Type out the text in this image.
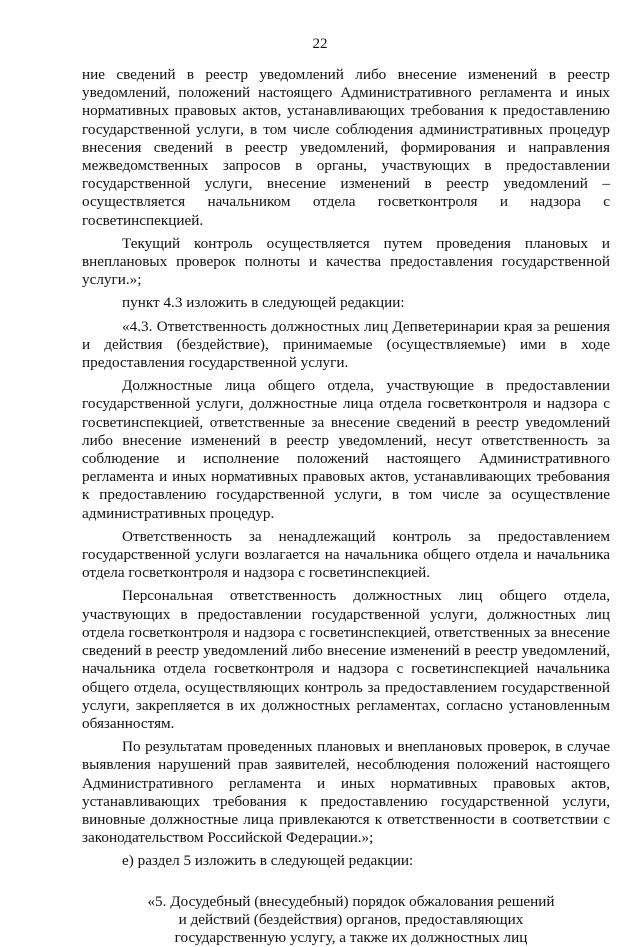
22

ние сведений в реестр уведомлений либо внесение изменений в реестр уведомлений, положений настоящего Административного регламента и иных нормативных правовых актов, устанавливающих требования к предоставлению государственной услуги, в том числе соблюдения административных процедур внесения сведений в реестр уведомлений, формирования и направления межведомственных запросов в органы, участвующих в предоставлении государственной услуги, внесение изменений в реестр уведомлений – осуществляется начальником отдела госветконтроля и надзора с госветинспекцией.

Текущий контроль осуществляется путем проведения плановых и внеплановых проверок полноты и качества предоставления государственной услуги.»;

пункт 4.3 изложить в следующей редакции:

«4.3. Ответственность должностных лиц Депветеринарии края за решения и действия (бездействие), принимаемые (осуществляемые) ими в ходе предоставления государственной услуги.

Должностные лица общего отдела, участвующие в предоставлении государственной услуги, должностные лица отдела госветконтроля и надзора с госветинспекцией, ответственные за внесение сведений в реестр уведомлений либо внесение изменений в реестр уведомлений, несут ответственность за соблюдение и исполнение положений настоящего Административного регламента и иных нормативных правовых актов, устанавливающих требования к предоставлению государственной услуги, в том числе за осуществление административных процедур.

Ответственность за ненадлежащий контроль за предоставлением государственной услуги возлагается на начальника общего отдела и начальника отдела госветконтроля и надзора с госветинспекцией.

Персональная ответственность должностных лиц общего отдела, участвующих в предоставлении государственной услуги, должностных лиц отдела госветконтроля и надзора с госветинспекцией, ответственных за внесение сведений в реестр уведомлений либо внесение изменений в реестр уведомлений, начальника отдела госветконтроля и надзора с госветинспекцией начальника общего отдела, осуществляющих контроль за предоставлением государственной услуги, закрепляется в их должностных регламентах, согласно установленным обязанностям.

По результатам проведенных плановых и внеплановых проверок, в случае выявления нарушений прав заявителей, несоблюдения положений настоящего Административного регламента и иных нормативных правовых актов, устанавливающих требования к предоставлению государственной услуги, виновные должностные лица привлекаются к ответственности в соответствии с законодательством Российской Федерации.»;

е) раздел 5 изложить в следующей редакции:

«5. Досудебный (внесудебный) порядок обжалования решений
и действий (бездействия) органов, предоставляющих
государственную услугу, а также их должностных лиц
